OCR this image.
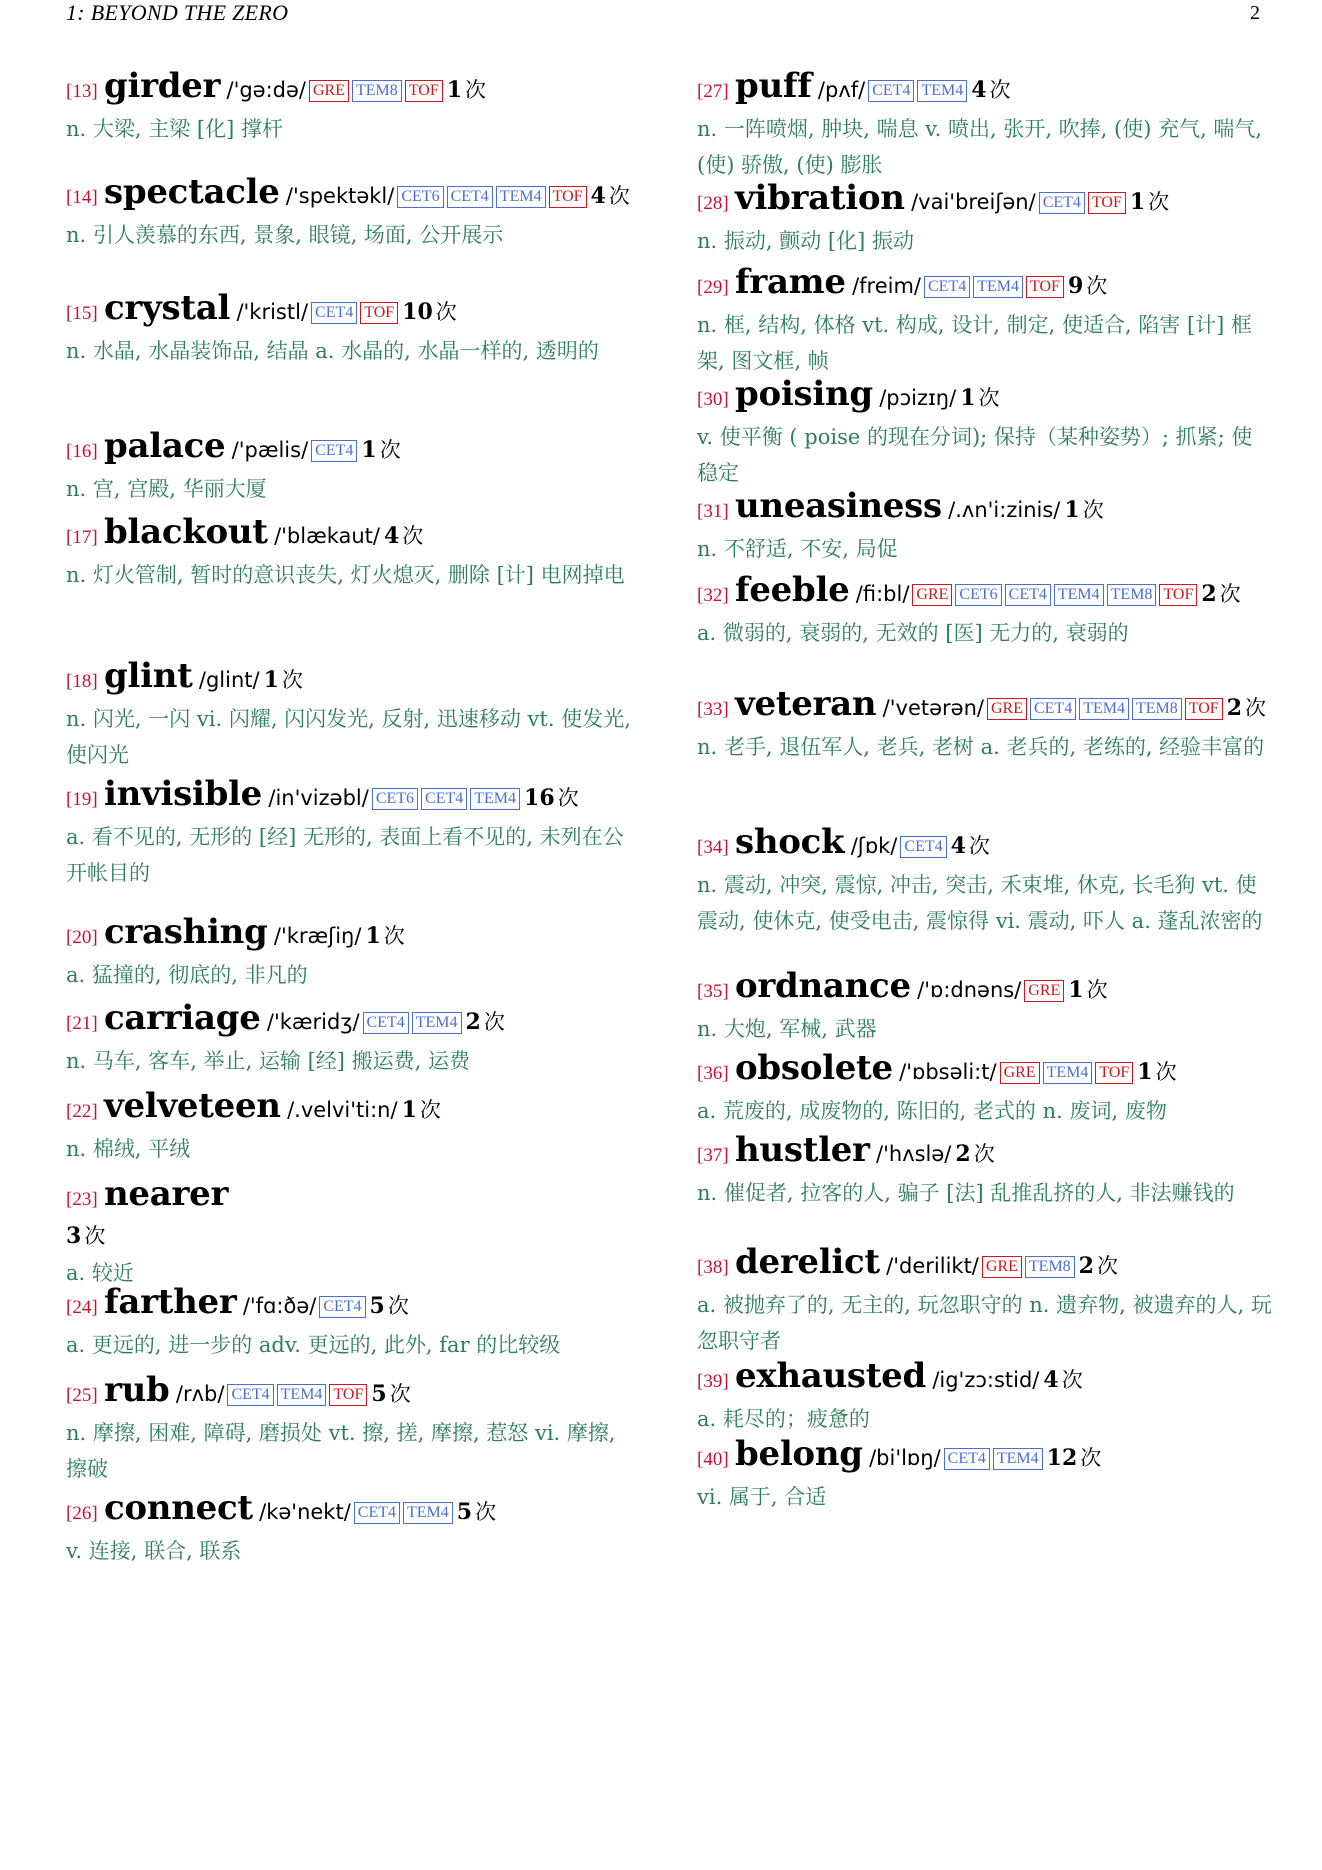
1: BEYOND THE ZERO	2
[13] girder /'gə:də/ GRE TEM8 TOF 1 次
n. 大梁, 主梁 [化] 撑杆
[14] spectacle /'spektəkl/ CET6 CET4 TEM4 TOF 4 次
n. 引人羡慕的东西, 景象, 眼镜, 场面, 公开展示
[15] crystal /'kristl/ CET4 TOF 10 次
n. 水晶, 水晶装饰品, 结晶 a. 水晶的, 水晶一样的, 透明的
[16] palace /'pælis/ CET4 1 次
n. 宫, 宫殿, 华丽大厦
[17] blackout /'blækaut/ 4 次
n. 灯火管制, 暂时的意识丧失, 灯火熄灭, 删除 [计] 电网掉电
[18] glint /glint/ 1 次
n. 闪光, 一闪 vi. 闪耀, 闪闪发光, 反射, 迅速移动 vt. 使发光, 使闪光
[19] invisible /in'vizəbl/ CET6 CET4 TEM4 16 次
a. 看不见的, 无形的 [经] 无形的, 表面上看不见的, 未列在公开帐目的
[20] crashing /'kræʃiŋ/ 1 次
a. 猛撞的, 彻底的, 非凡的
[21] carriage /'kæridʒ/ CET4 TEM4 2 次
n. 马车, 客车, 举止, 运输 [经] 搬运费, 运费
[22] velveteen /.velvi'ti:n/ 1 次
n. 棉绒, 平绒
[23] nearer
3 次
a. 较近
[24] farther /'fɑ:ðə/ CET4 5 次
a. 更远的, 进一步的 adv. 更远的, 此外, far 的比较级
[25] rub /rʌb/ CET4 TEM4 TOF 5 次
n. 摩擦, 困难, 障碍, 磨损处 vt. 擦, 搓, 摩擦, 惹怒 vi. 摩擦, 擦破
[26] connect /kə'nekt/ CET4 TEM4 5 次
v. 连接, 联合, 联系
[27] puff /pʌf/ CET4 TEM4 4 次
n. 一阵喷烟, 肿块, 喘息 v. 喷出, 张开, 吹捧, (使) 充气, 喘气, (使) 骄傲, (使) 膨胀
[28] vibration /vai'breiʃən/ CET4 TOF 1 次
n. 振动, 颤动 [化] 振动
[29] frame /freim/ CET4 TEM4 TOF 9 次
n. 框, 结构, 体格 vt. 构成, 设计, 制定, 使适合, 陷害 [计] 框架, 图文框, 帧
[30] poising /pɔizɪŋ/ 1 次
v. 使平衡 ( poise 的现在分词); 保持（某种姿势）; 抓紧; 使稳定
[31] uneasiness /.ʌn'i:zinis/ 1 次
n. 不舒适, 不安, 局促
[32] feeble /fi:bl/ GRE CET6 CET4 TEM4 TEM8 TOF 2 次
a. 微弱的, 衰弱的, 无效的 [医] 无力的, 衰弱的
[33] veteran /'vetərən/ GRE CET4 TEM4 TEM8 TOF 2 次
n. 老手, 退伍军人, 老兵, 老树 a. 老兵的, 老练的, 经验丰富的
[34] shock /ʃɒk/ CET4 4 次
n. 震动, 冲突, 震惊, 冲击, 突击, 禾束堆, 休克, 长毛狗 vt. 使震动, 使休克, 使受电击, 震惊得 vi. 震动, 吓人 a. 蓬乱浓密的
[35] ordnance /'ɒ:dnəns/ GRE 1 次
n. 大炮, 军械, 武器
[36] obsolete /'ɒbsəli:t/ GRE TEM4 TOF 1 次
a. 荒废的, 成废物的, 陈旧的, 老式的 n. 废词, 废物
[37] hustler /'hʌslə/ 2 次
n. 催促者, 拉客的人, 骗子 [法] 乱推乱挤的人, 非法赚钱的
[38] derelict /'derilikt/ GRE TEM8 2 次
a. 被抛弃了的, 无主的, 玩忽职守的 n. 遗弃物, 被遗弃的人, 玩忽职守者
[39] exhausted /ig'zɔ:stid/ 4 次
a. 耗尽的；疲惫的
[40] belong /bi'lɒŋ/ CET4 TEM4 12 次
vi. 属于, 合适
